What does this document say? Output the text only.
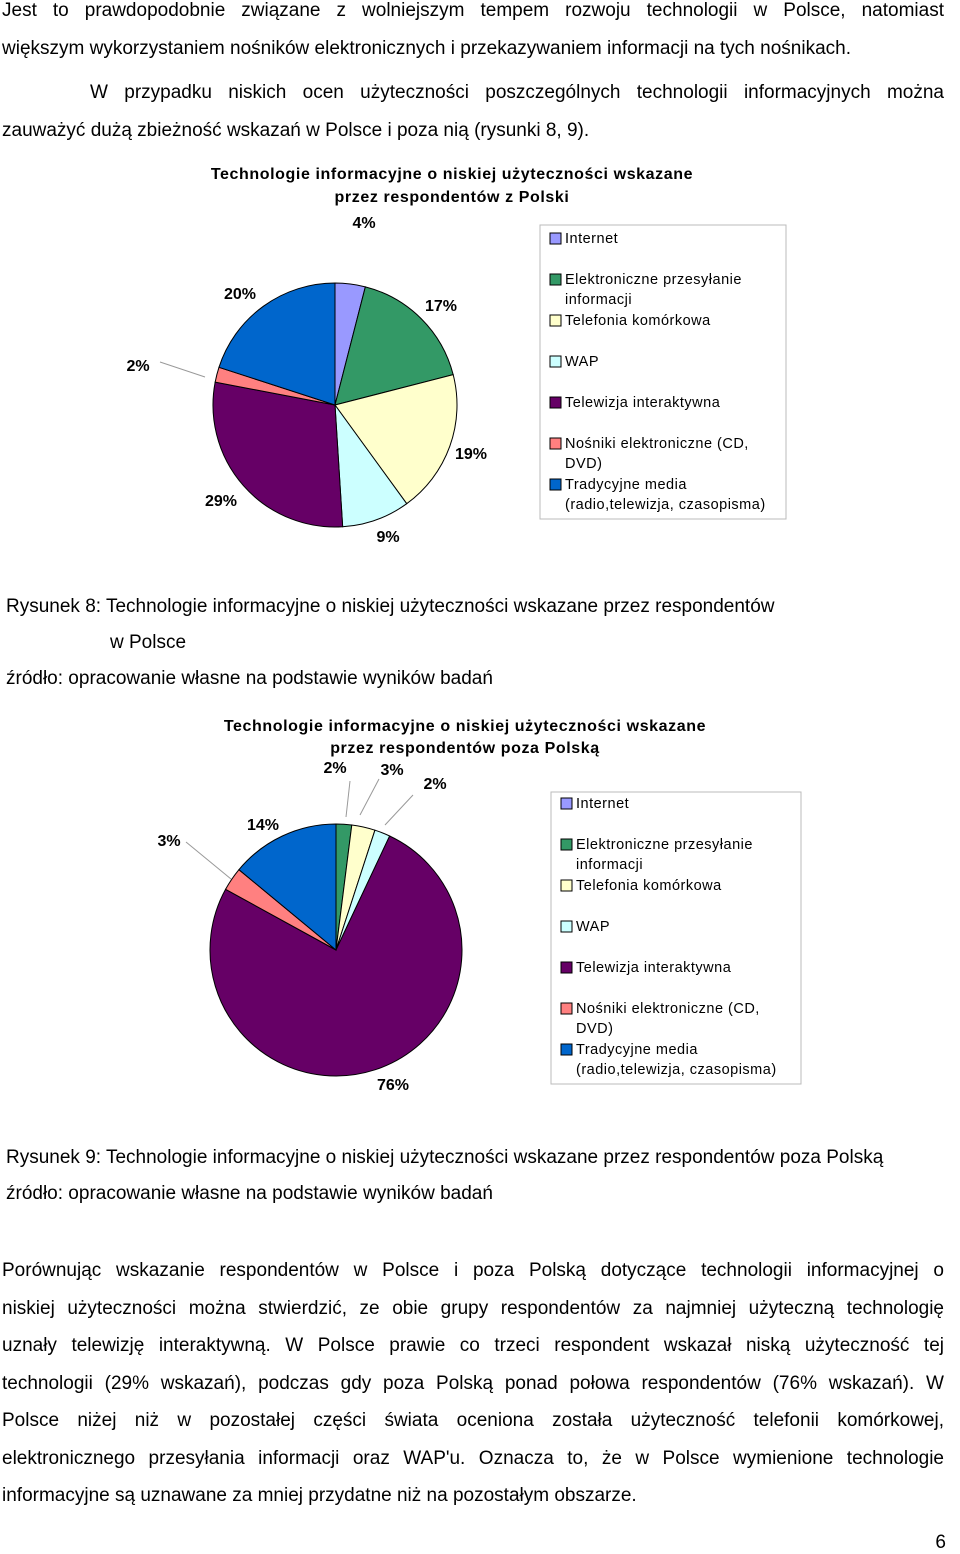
Jest to prawdopodobnie związane z wolniejszym tempem rozwoju technologii w Polsce, natomiast
większym wykorzystaniem nośników elektronicznych i przekazywaniem informacji na tych nośnikach.
W przypadku niskich ocen użyteczności poszczególnych technologii informacyjnych można
zauważyć dużą zbieżność wskazań w Polsce i poza nią (rysunki 8, 9).
Technologie informacyjne o niskiej użyteczności wskazane
przez respondentów z Polski
4%
17%
19%
9%
29%
2%
20%
Internet
Elektroniczne przesyłanie
informacji
Telefonia komórkowa
WAP
Telewizja interaktywna
Nośniki elektroniczne (CD,
DVD)
Tradycyjne media
(radio,telewizja, czasopisma)
Rysunek 8: Technologie informacyjne o niskiej użyteczności wskazane przez respondentów
w Polsce
źródło: opracowanie własne na podstawie wyników badań
Technologie informacyjne o niskiej użyteczności wskazane
przez respondentów poza Polską
2% 3%
2%
76%
3%
14%
Internet
Elektroniczne przesyłanie
informacji
Telefonia komórkowa
WAP
Telewizja interaktywna
Nośniki elektroniczne (CD,
DVD)
Tradycyjne media
(radio,telewizja, czasopisma)
Rysunek 9: Technologie informacyjne o niskiej użyteczności wskazane przez respondentów poza Polską
źródło: opracowanie własne na podstawie wyników badań
Porównując wskazanie respondentów w Polsce i poza Polską dotyczące technologii informacyjnej o
niskiej użyteczności można stwierdzić, ze obie grupy respondentów za najmniej użyteczną technologię
uznały telewizję interaktywną. W Polsce prawie co trzeci respondent wskazał niską użyteczność tej
technologii (29% wskazań), podczas gdy poza Polską ponad połowa respondentów (76% wskazań). W
Polsce niżej niż w pozostałej części świata oceniona została użyteczność telefonii komórkowej,
elektronicznego przesyłania informacji oraz WAP'u. Oznacza to, że w Polsce wymienione technologie
informacyjne są uznawane za mniej przydatne niż na pozostałym obszarze.
6
